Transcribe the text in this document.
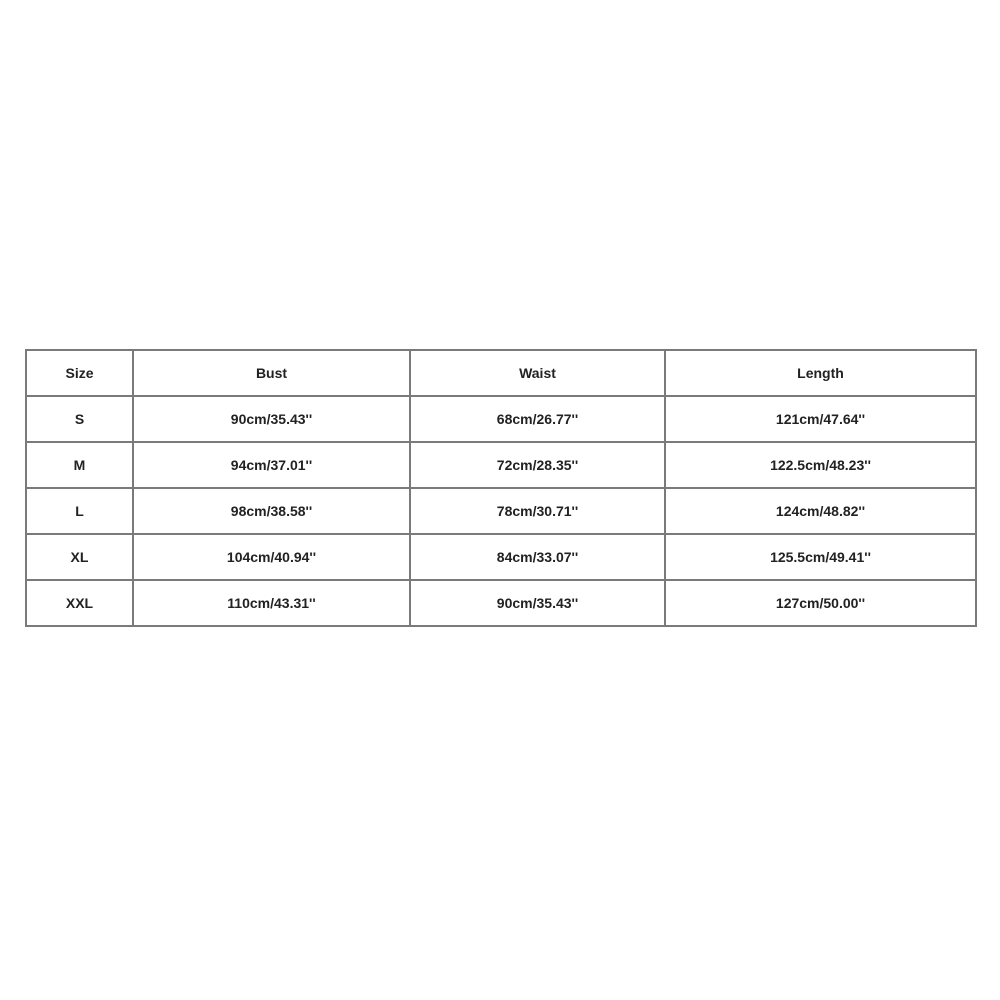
Size	Bust	Waist	Length
S	90cm/35.43''	68cm/26.77''	121cm/47.64''
M	94cm/37.01''	72cm/28.35''	122.5cm/48.23''
L	98cm/38.58''	78cm/30.71''	124cm/48.82''
XL	104cm/40.94''	84cm/33.07''	125.5cm/49.41''
XXL	110cm/43.31''	90cm/35.43''	127cm/50.00''
